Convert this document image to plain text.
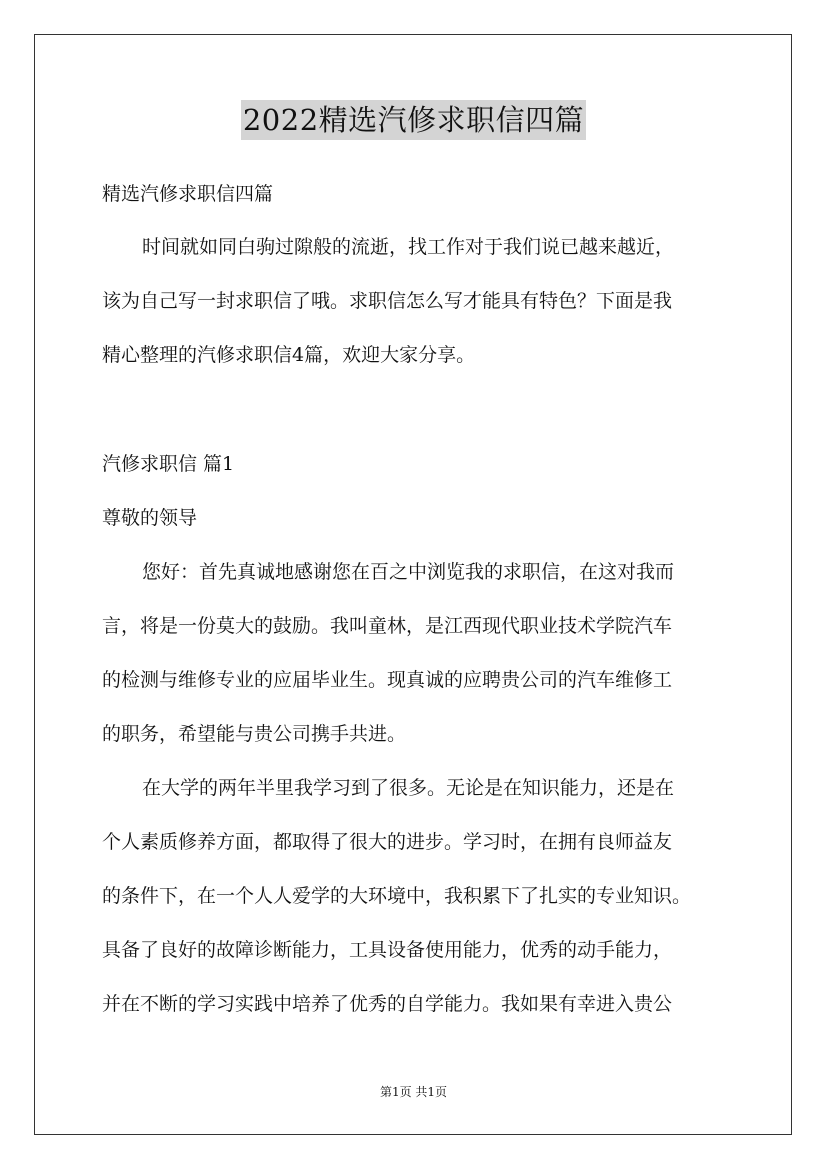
2022精选汽修求职信四篇
精选汽修求职信四篇
时间就如同白驹过隙般的流逝，找工作对于我们说已越来越近，
该为自己写一封求职信了哦。求职信怎么写才能具有特色？下面是我
精心整理的汽修求职信4篇，欢迎大家分享。
汽修求职信 篇1
尊敬的领导
您好：首先真诚地感谢您在百之中浏览我的求职信，在这对我而
言，将是一份莫大的鼓励。我叫童林，是江西现代职业技术学院汽车
的检测与维修专业的应届毕业生。现真诚的应聘贵公司的汽车维修工
的职务，希望能与贵公司携手共进。
在大学的两年半里我学习到了很多。无论是在知识能力，还是在
个人素质修养方面，都取得了很大的进步。学习时，在拥有良师益友
的条件下，在一个人人爱学的大环境中，我积累下了扎实的专业知识。
具备了良好的故障诊断能力，工具设备使用能力，优秀的动手能力，
并在不断的学习实践中培养了优秀的自学能力。我如果有幸进入贵公
第1页 共1页
